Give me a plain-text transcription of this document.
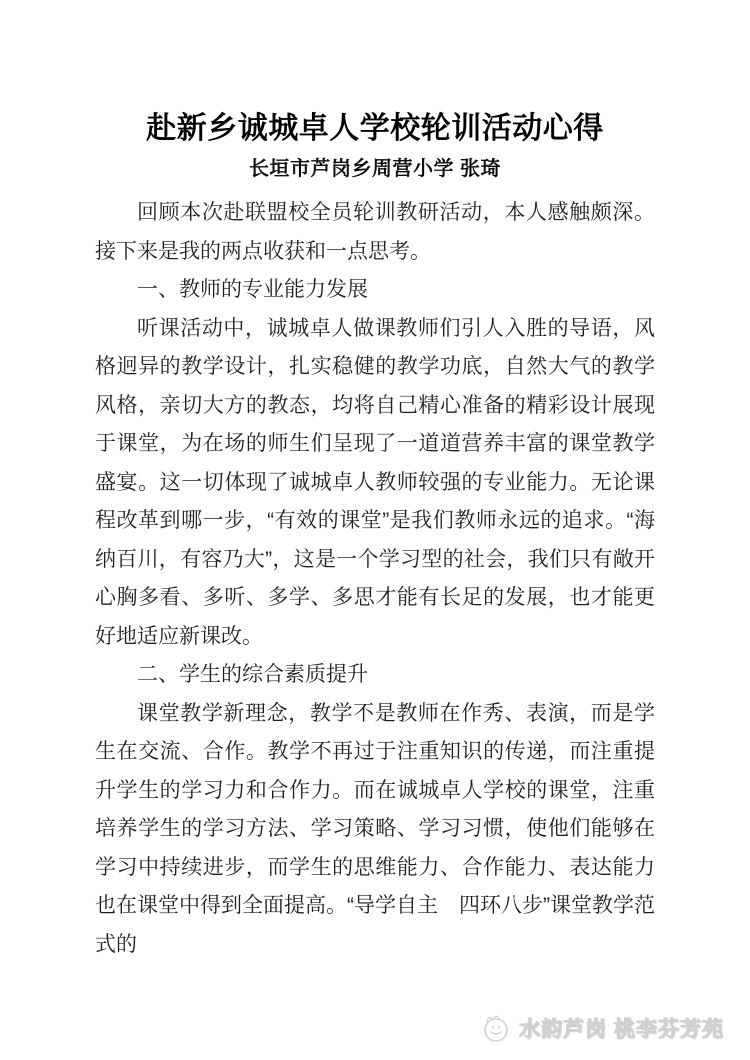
赴新乡诚城卓人学校轮训活动心得
长垣市芦岗乡周营小学 张琦

回顾本次赴联盟校全员轮训教研活动，本人感触颇深。接下来是我的两点收获和一点思考。

一、教师的专业能力发展

听课活动中，诚城卓人做课教师们引人入胜的导语，风格迥异的教学设计，扎实稳健的教学功底，自然大气的教学风格，亲切大方的教态，均将自己精心准备的精彩设计展现于课堂，为在场的师生们呈现了一道道营养丰富的课堂教学盛宴。这一切体现了诚城卓人教师较强的专业能力。无论课程改革到哪一步，“有效的课堂”是我们教师永远的追求。“海纳百川，有容乃大”，这是一个学习型的社会，我们只有敞开心胸多看、多听、多学、多思才能有长足的发展，也才能更好地适应新课改。

二、学生的综合素质提升

课堂教学新理念，教学不是教师在作秀、表演，而是学生在交流、合作。教学不再过于注重知识的传递，而注重提升学生的学习力和合作力。而在诚城卓人学校的课堂，注重培养学生的学习方法、学习策略、学习习惯，使他们能够在学习中持续进步，而学生的思维能力、合作能力、表达能力也在课堂中得到全面提高。“导学自主　四环八步”课堂教学范式的

水韵芦岗 桃李芬芳苑
